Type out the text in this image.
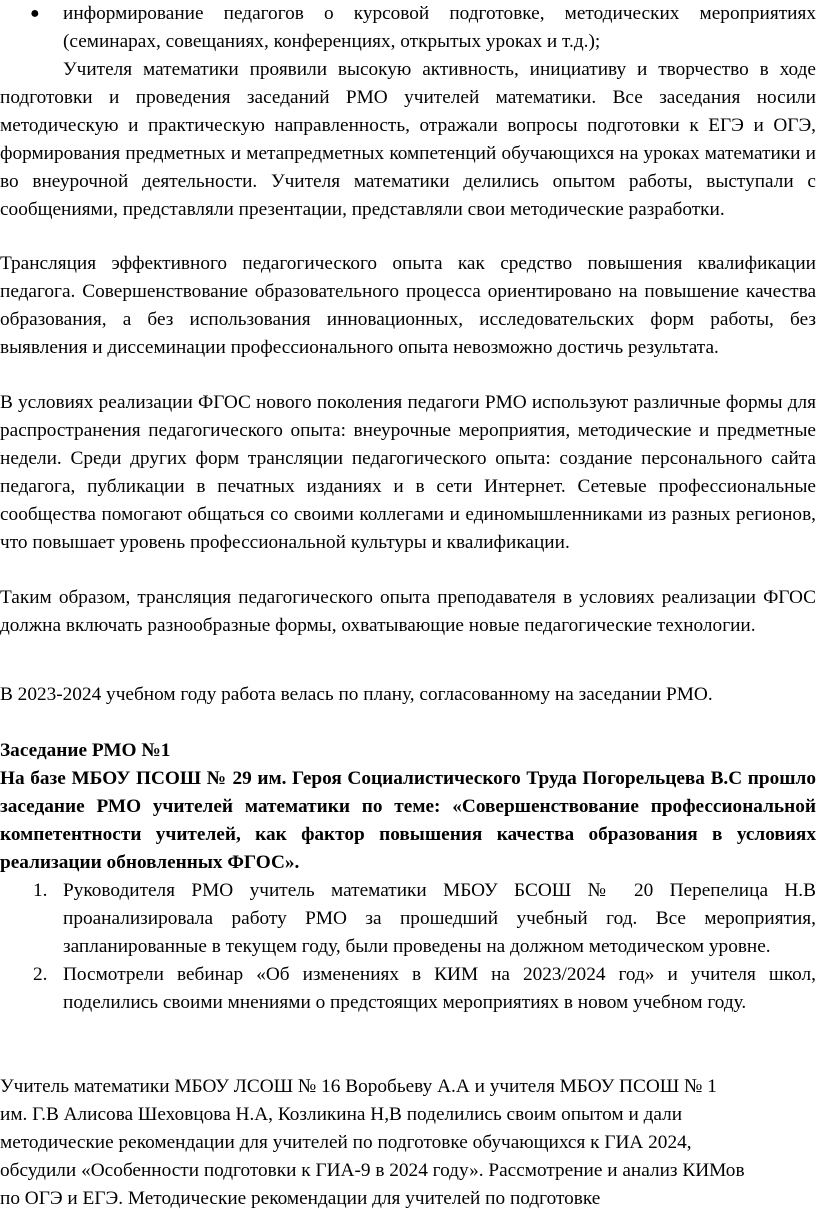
● информирование педагогов о курсовой подготовке, методических мероприятиях (семинарах, совещаниях, конференциях, открытых уроках и т.д.);

Учителя математики проявили высокую активность, инициативу и творчество в ходе подготовки и проведения заседаний РМО учителей математики. Все заседания носили методическую и практическую направленность, отражали вопросы подготовки к ЕГЭ и ОГЭ, формирования предметных и метапредметных компетенций обучающихся на уроках математики и во внеурочной деятельности. Учителя математики делились опытом работы, выступали с сообщениями, представляли презентации, представляли свои методические разработки.

Трансляция эффективного педагогического опыта как средство повышения квалификации педагога. Совершенствование образовательного процесса ориентировано на повышение качества образования, а без использования инновационных, исследовательских форм работы, без выявления и диссеминации профессионального опыта невозможно достичь результата.

В условиях реализации ФГОС нового поколения педагоги РМО используют различные формы для распространения педагогического опыта: внеурочные мероприятия, методические и предметные недели. Среди других форм трансляции педагогического опыта: создание персонального сайта педагога, публикации в печатных изданиях и в сети Интернет. Сетевые профессиональные сообщества помогают общаться со своими коллегами и единомышленниками из разных регионов, что повышает уровень профессиональной культуры и квалификации.

Таким образом, трансляция педагогического опыта преподавателя в условиях реализации ФГОС должна включать разнообразные формы, охватывающие новые педагогические технологии.

В 2023-2024 учебном году работа велась по плану, согласованному на заседании РМО.

Заседание РМО №1

На базе МБОУ ПСОШ № 29 им. Героя Социалистического Труда Погорельцева В.С прошло заседание РМО учителей математики по теме: «Совершенствование профессиональной компетентности учителей, как фактор повышения качества образования в условиях реализации обновленных ФГОС».

1. Руководителя РМО учитель математики МБОУ БСОШ № 20 Перепелица Н.В проанализировала работу РМО за прошедший учебный год. Все мероприятия, запланированные в текущем году, были проведены на должном методическом уровне.
2. Посмотрели вебинар «Об изменениях в КИМ на 2023/2024 год» и учителя школ, поделились своими мнениями о предстоящих мероприятиях в новом учебном году.
Учитель математики МБОУ ЛСОШ № 16 Воробьеву А.А и учителя МБОУ ПСОШ № 1
им. Г.В Алисова Шеховцова Н.А, Козликина Н,В поделились своим опытом и дали
методические рекомендации для учителей по подготовке обучающихся к ГИА 2024,
обсудили «Особенности подготовки к ГИА-9 в 2024 году». Рассмотрение и анализ КИМов
по ОГЭ и ЕГЭ. Методические рекомендации для учителей по подготовке
